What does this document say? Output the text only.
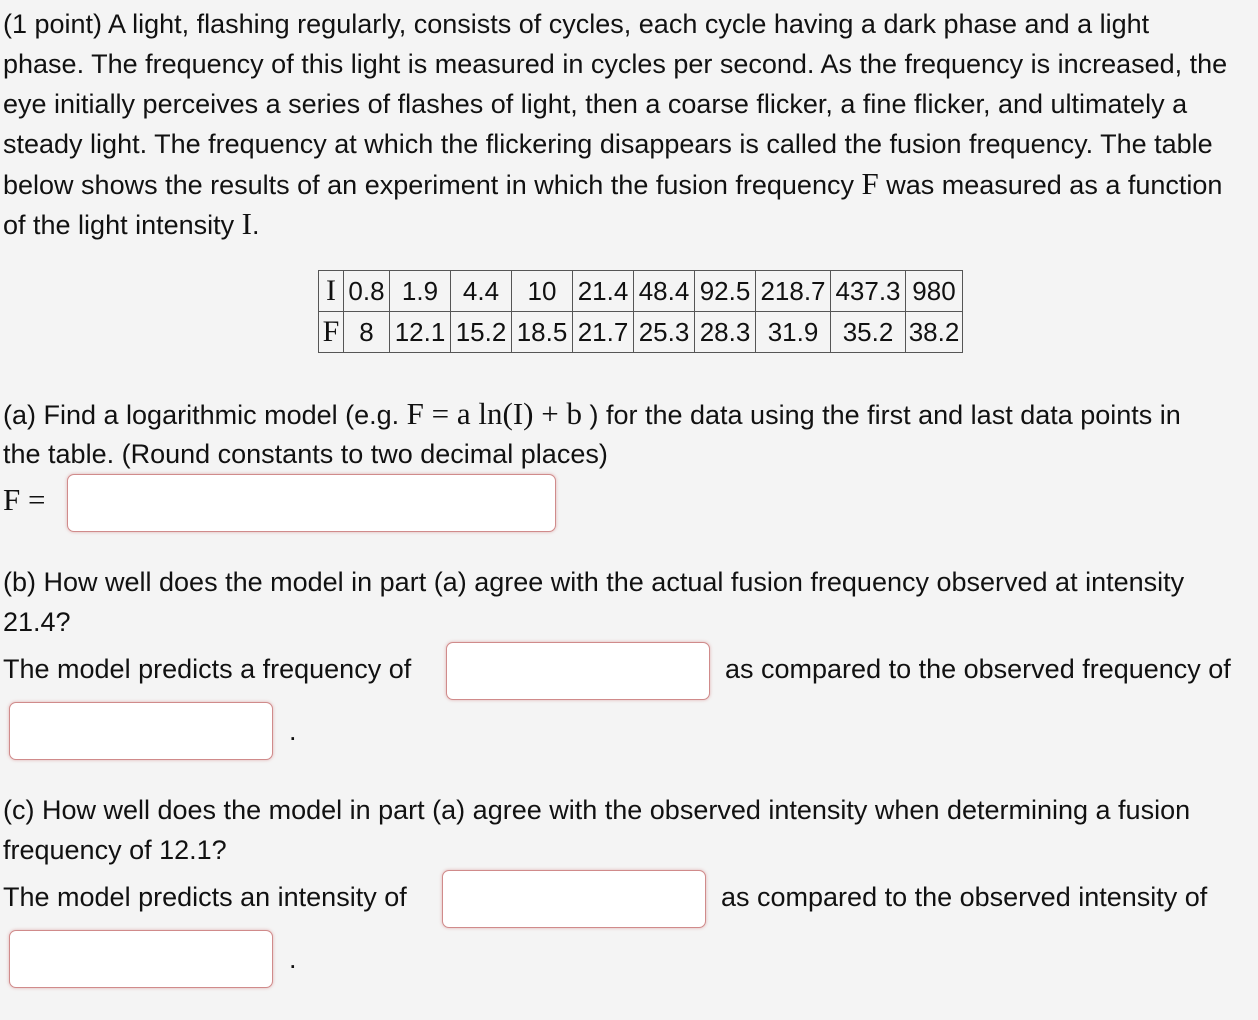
(1 point) A light, flashing regularly, consists of cycles, each cycle having a dark phase and a light

phase. The frequency of this light is measured in cycles per second. As the frequency is increased, the

eye initially perceives a series of flashes of light, then a coarse flicker, a fine flicker, and ultimately a

steady light. The frequency at which the flickering disappears is called the fusion frequency. The table

below shows the results of an experiment in which the fusion frequency F was measured as a function

of the light intensity I.

I	0.8	1.9	4.4	10	21.4	48.4	92.5	218.7	437.3	980
F	8	12.1	15.2	18.5	21.7	25.3	28.3	31.9	35.2	38.2

(a) Find a logarithmic model (e.g. F = a ln(I) + b ) for the data using the first and last data points in

the table. (Round constants to two decimal places)

F =

(b) How well does the model in part (a) agree with the actual fusion frequency observed at intensity

21.4?

The model predicts a frequency of	as compared to the observed frequency of

.

(c) How well does the model in part (a) agree with the observed intensity when determining a fusion

frequency of 12.1?

The model predicts an intensity of	as compared to the observed intensity of

.
